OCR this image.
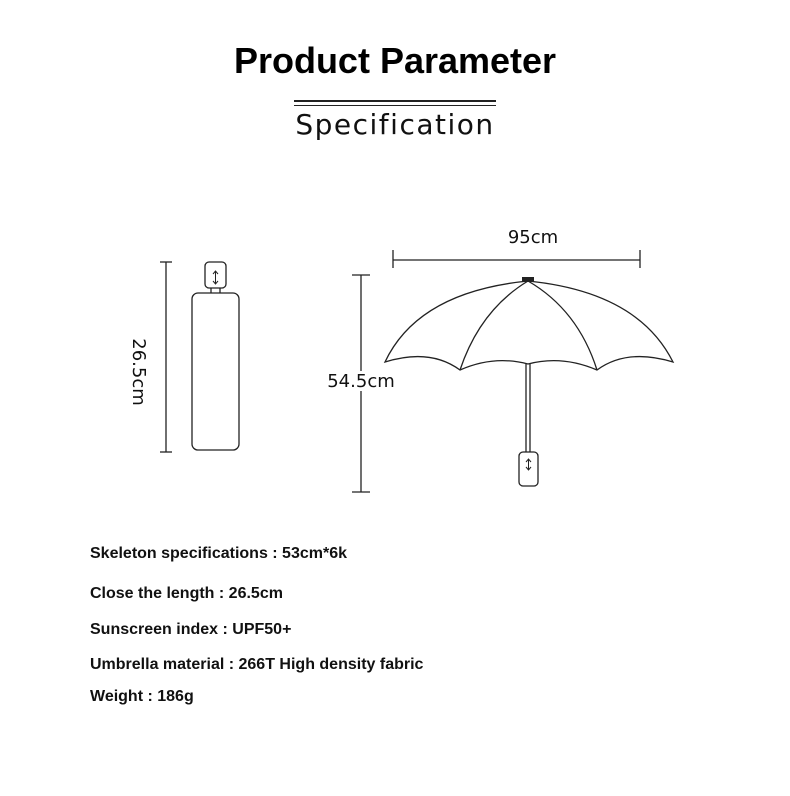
Product Parameter
Specification
26.5cm	54.5cm
95cm
Skeleton specifications : 53cm*6k
Close the length : 26.5cm
Sunscreen index : UPF50+
Umbrella material : 266T High density fabric
Weight : 186g
